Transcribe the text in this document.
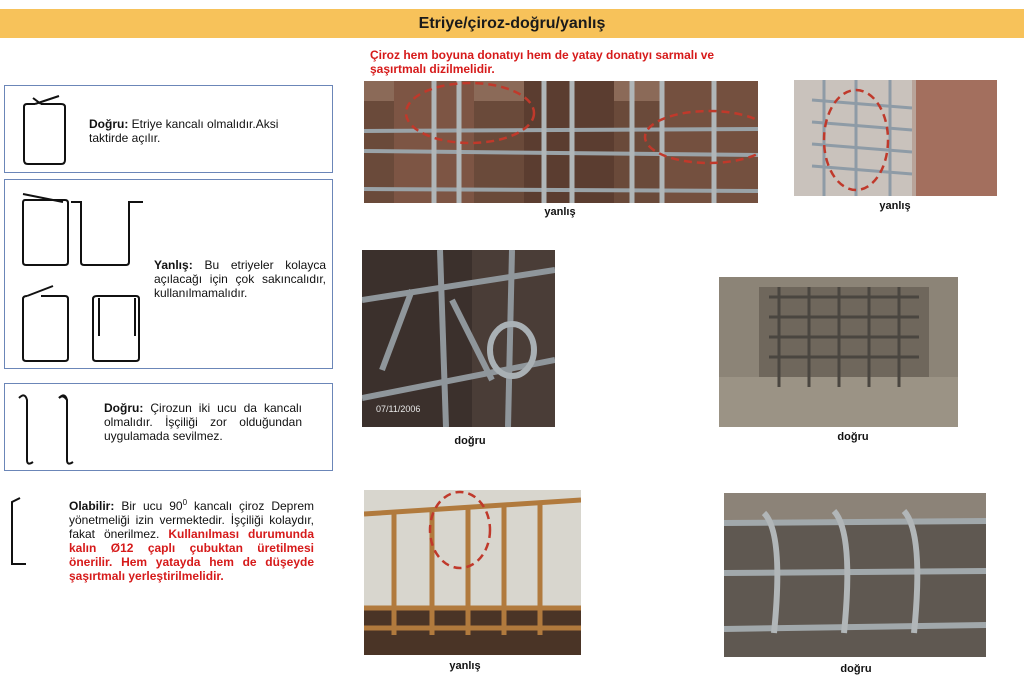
Etriye/çiroz-doğru/yanlış
Çiroz hem boyuna donatıyı hem de yatay donatıyı sarmalı ve şaşırtmalı dizilmelidir.
Doğru: Etriye kancalı olmalıdır.Aksi taktirde açılır.
Yanlış: Bu etriyeler kolayca açılacağı için çok sakıncalıdır, kullanılmamalıdır.
Doğru: Çirozun iki ucu da kancalı olmalıdır. İşçiliği zor olduğundan uygulamada sevilmez.
Olabilir: Bir ucu $90^0$ kancalı çiroz Deprem yönetmeliği izin vermektedir. İşçiliği kolaydır, fakat önerilmez. Kullanılması durumunda kalın Ø12 çaplı çubuktan üretilmesi önerilir. Hem yatayda hem de düşeyde şaşırtmalı yerleştirilmelidir.
yanlış	yanlış
07/11/2006
doğru	doğru
yanlış	doğru
